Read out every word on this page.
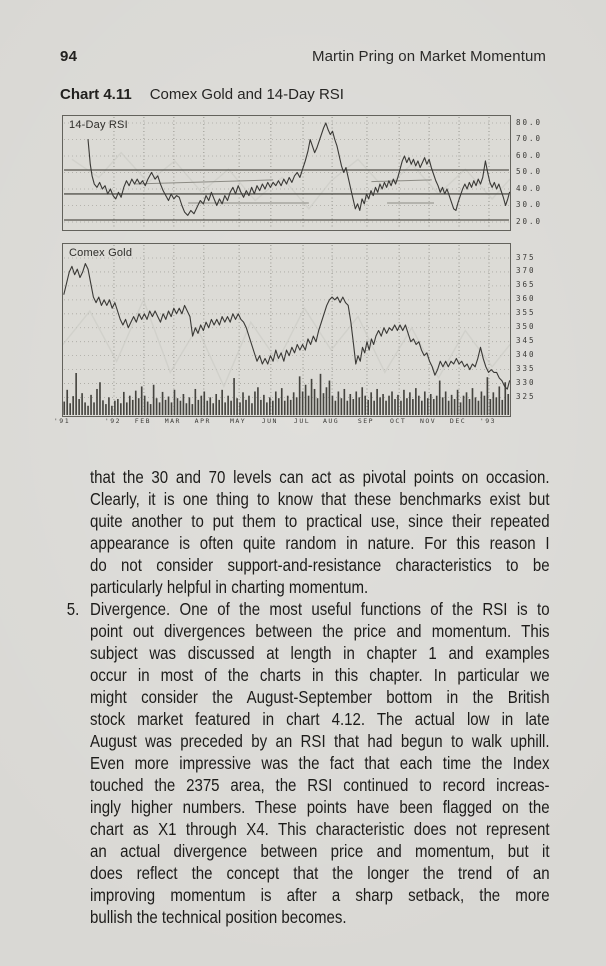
94	Martin Pring on Market Momentum
Chart 4.11 Comex Gold and 14-Day RSI
14-Day RSI	80.0
70.0
60.0
50.0
40.0
30.0
20.0
Comex Gold	375
370
365
360
355
350
345
340
335
330
325
'91	'92 FEB MAR APR	MAY JUN JUL AUG	SEP OCT NOV DEC '93
that the 30 and 70 levels can act as pivotal points on occasion.
Clearly, it is one thing to know that these benchmarks exist but
quite another to put them to practical use, since their repeated
appearance is often quite random in nature. For this reason I
do not consider support-and-resistance characteristics to be
particularly helpful in charting momentum.
5. Divergence. One of the most useful functions of the RSI is to
point out divergences between the price and momentum. This
subject was discussed at length in chapter 1 and examples
occur in most of the charts in this chapter. In particular we
might consider the August-September bottom in the British
stock market featured in chart 4.12. The actual low in late
August was preceded by an RSI that had begun to walk uphill.
Even more impressive was the fact that each time the Index
touched the 2375 area, the RSI continued to record increas-
ingly higher numbers. These points have been flagged on the
chart as X1 through X4. This characteristic does not represent
an actual divergence between price and momentum, but it
does reflect the concept that the longer the trend of an
improving momentum is after a sharp setback, the more
bullish the technical position becomes.
